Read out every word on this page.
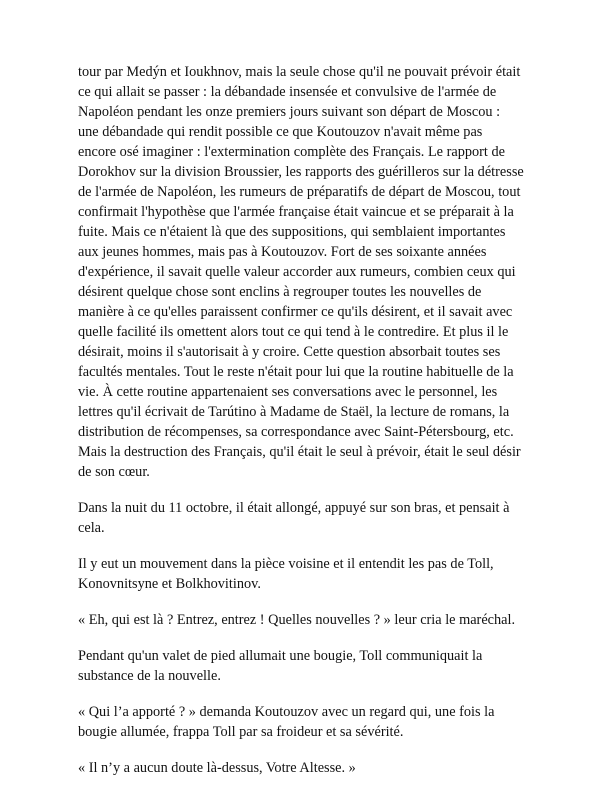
tour par Medýn et Ioukhnov, mais la seule chose qu'il ne pouvait prévoir était ce qui allait se passer : la débandade insensée et convulsive de l'armée de Napoléon pendant les onze premiers jours suivant son départ de Moscou : une débandade qui rendit possible ce que Koutouzov n'avait même pas encore osé imaginer : l'extermination complète des Français. Le rapport de Dorokhov sur la division Broussier, les rapports des guérilleros sur la détresse de l'armée de Napoléon, les rumeurs de préparatifs de départ de Moscou, tout confirmait l'hypothèse que l'armée française était vaincue et se préparait à la fuite. Mais ce n'étaient là que des suppositions, qui semblaient importantes aux jeunes hommes, mais pas à Koutouzov. Fort de ses soixante années d'expérience, il savait quelle valeur accorder aux rumeurs, combien ceux qui désirent quelque chose sont enclins à regrouper toutes les nouvelles de manière à ce qu'elles paraissent confirmer ce qu'ils désirent, et il savait avec quelle facilité ils omettent alors tout ce qui tend à le contredire. Et plus il le désirait, moins il s'autorisait à y croire. Cette question absorbait toutes ses facultés mentales. Tout le reste n'était pour lui que la routine habituelle de la vie. À cette routine appartenaient ses conversations avec le personnel, les lettres qu'il écrivait de Tarútino à Madame de Staël, la lecture de romans, la distribution de récompenses, sa correspondance avec Saint-Pétersbourg, etc. Mais la destruction des Français, qu'il était le seul à prévoir, était le seul désir de son cœur.

Dans la nuit du 11 octobre, il était allongé, appuyé sur son bras, et pensait à cela.

Il y eut un mouvement dans la pièce voisine et il entendit les pas de Toll, Konovnitsyne et Bolkhovitinov.

« Eh, qui est là ? Entrez, entrez ! Quelles nouvelles ? » leur cria le maréchal.

Pendant qu'un valet de pied allumait une bougie, Toll communiquait la substance de la nouvelle.

« Qui l’a apporté ? » demanda Koutouzov avec un regard qui, une fois la bougie allumée, frappa Toll par sa froideur et sa sévérité.

« Il n’y a aucun doute là-dessus, Votre Altesse. »
